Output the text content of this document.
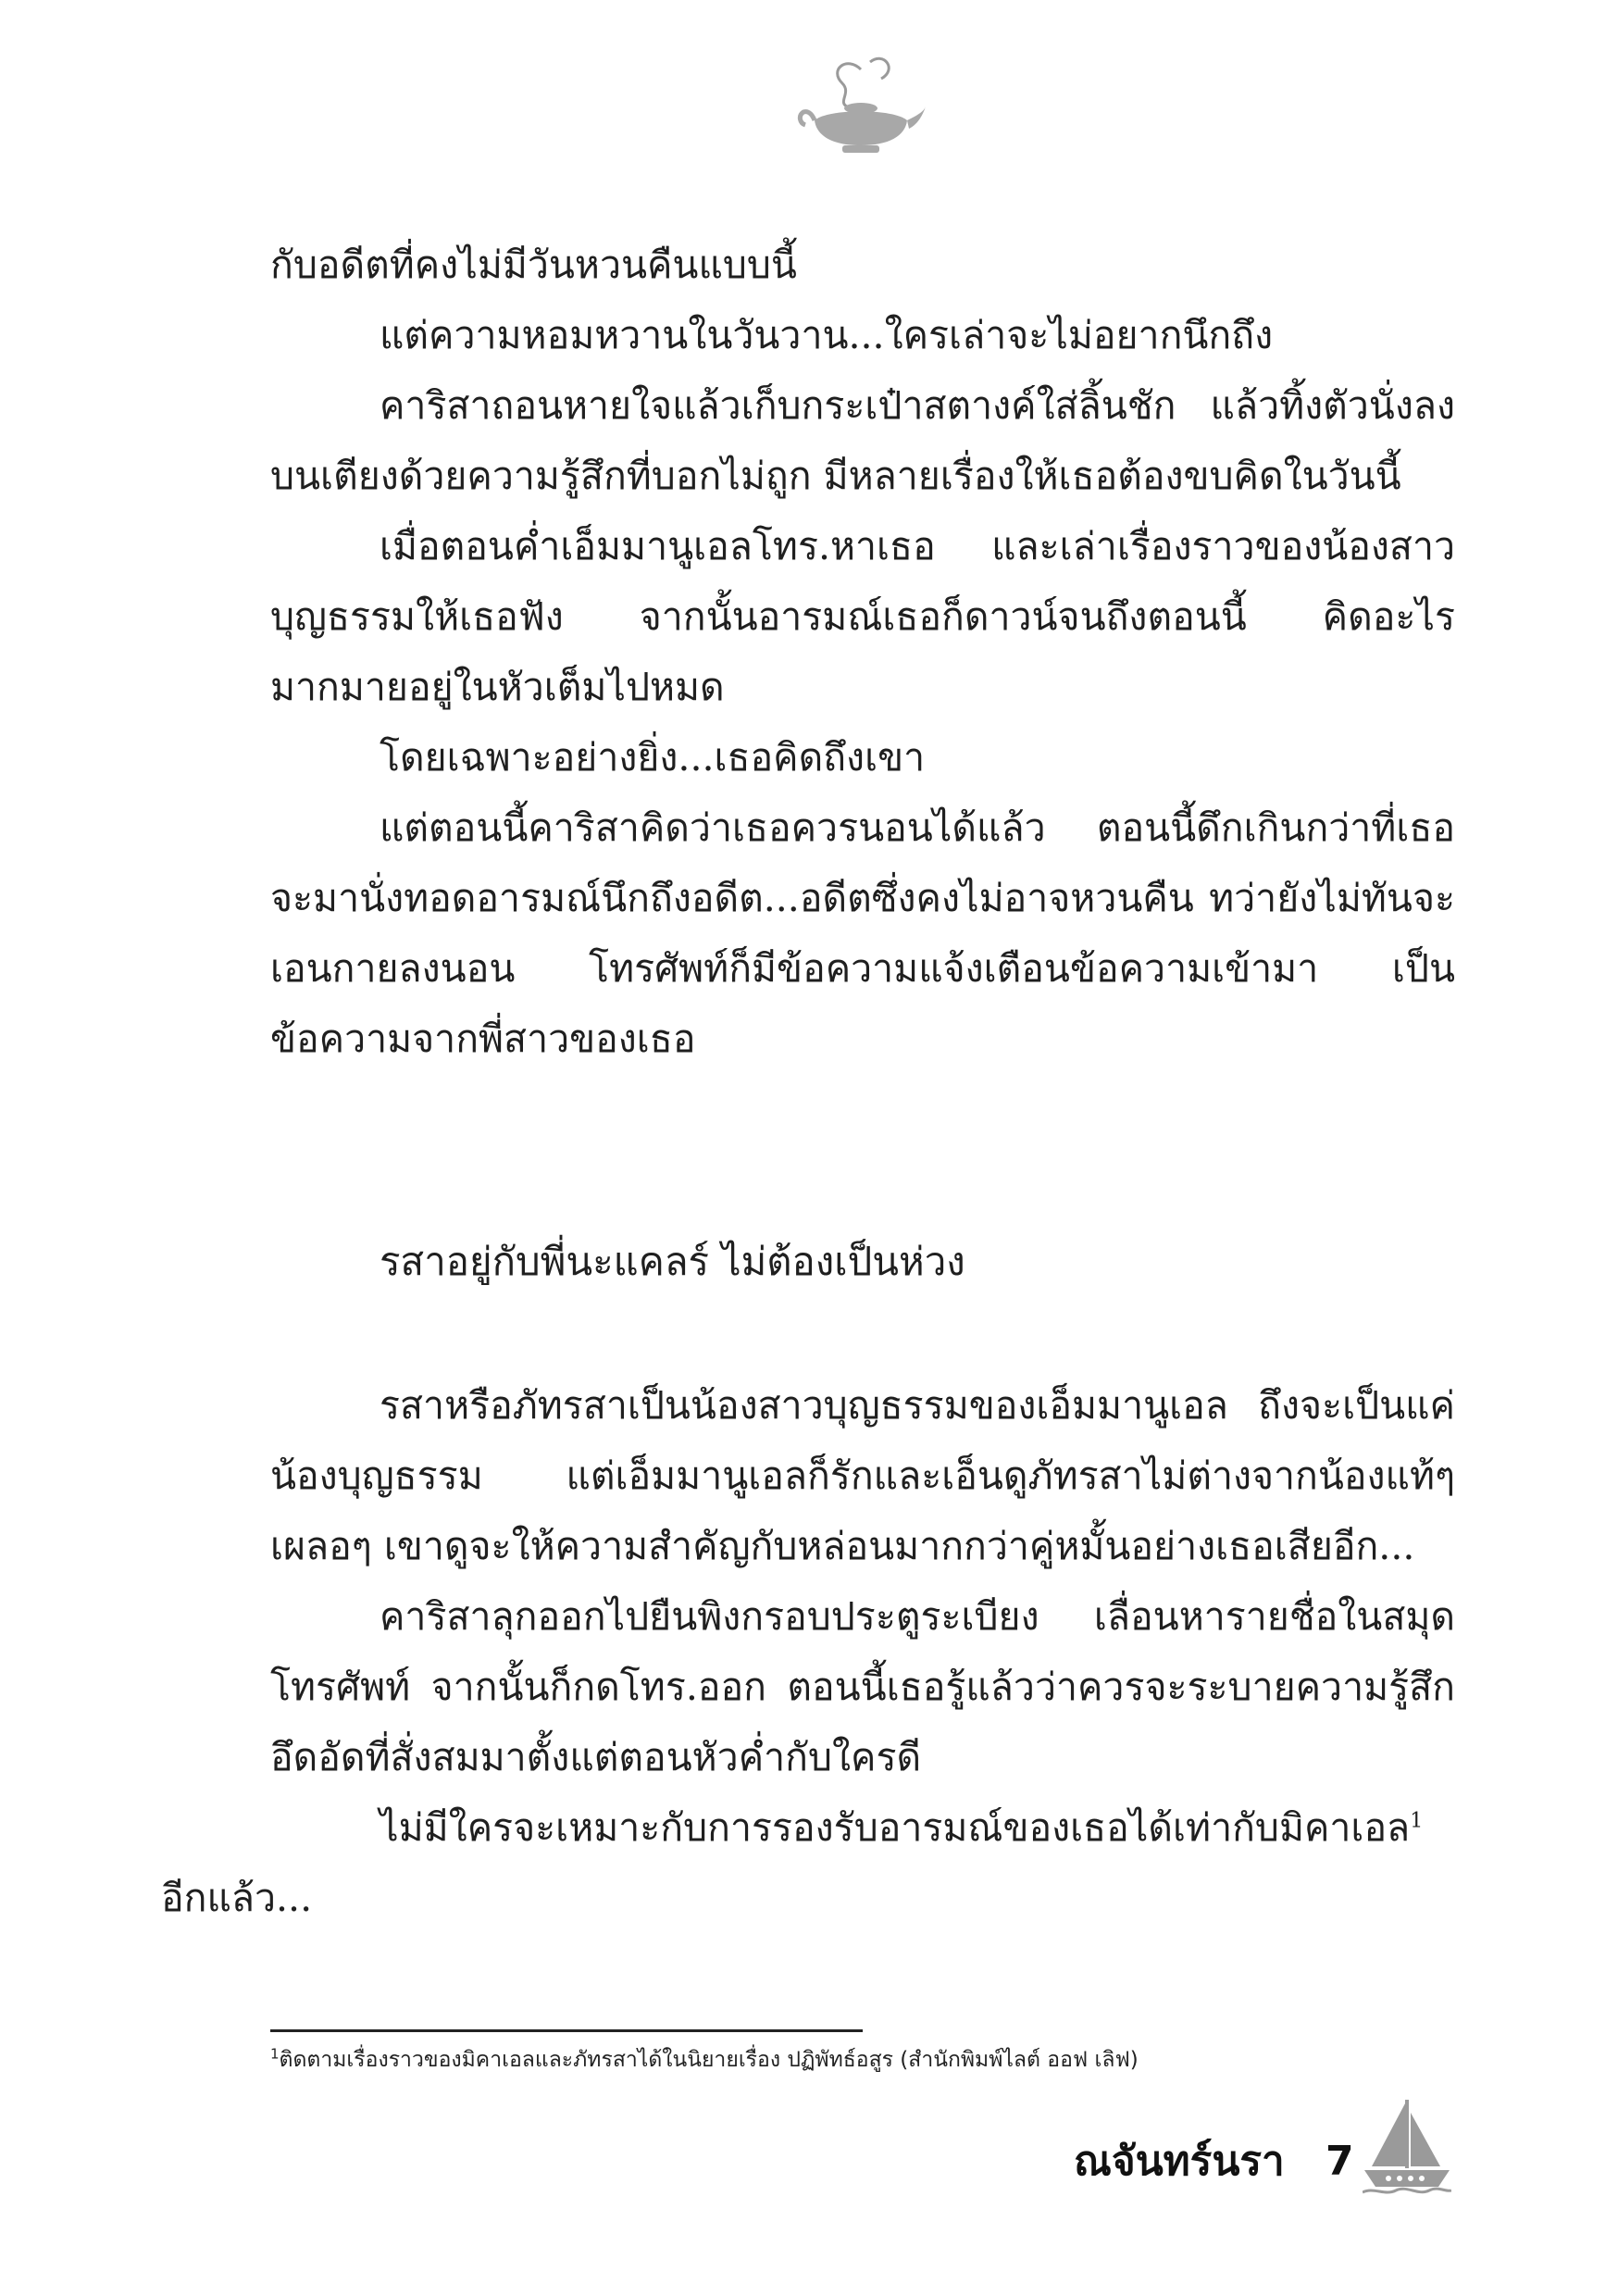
กับอดีตที่คงไม่มีวันหวนคืนแบบนี้

แต่ความหอมหวานในวันวาน...ใครเล่าจะไม่อยากนึกถึง

คาริสาถอนหายใจแล้วเก็บกระเป๋าสตางค์ใส่ลิ้นชัก แล้วทิ้งตัวนั่งลงบนเตียงด้วยความรู้สึกที่บอกไม่ถูก มีหลายเรื่องให้เธอต้องขบคิดในวันนี้

เมื่อตอนค่ำเอ็มมานูเอลโทร.หาเธอ และเล่าเรื่องราวของน้องสาวบุญธรรมให้เธอฟัง จากนั้นอารมณ์เธอก็ดาวน์จนถึงตอนนี้ คิดอะไรมากมายอยู่ในหัวเต็มไปหมด

โดยเฉพาะอย่างยิ่ง...เธอคิดถึงเขา

แต่ตอนนี้คาริสาคิดว่าเธอควรนอนได้แล้ว ตอนนี้ดึกเกินกว่าที่เธอจะมานั่งทอดอารมณ์นึกถึงอดีต...อดีตซึ่งคงไม่อาจหวนคืน ทว่ายังไม่ทันจะเอนกายลงนอน โทรศัพท์ก็มีข้อความแจ้งเตือนข้อความเข้ามา เป็นข้อความจากพี่สาวของเธอ

รสาอยู่กับพี่นะแคลร์ ไม่ต้องเป็นห่วง

รสาหรือภัทรสาเป็นน้องสาวบุญธรรมของเอ็มมานูเอล ถึงจะเป็นแค่น้องบุญธรรม แต่เอ็มมานูเอลก็รักและเอ็นดูภัทรสาไม่ต่างจากน้องแท้ๆ เผลอๆ เขาดูจะให้ความสำคัญกับหล่อนมากกว่าคู่หมั้นอย่างเธอเสียอีก...

คาริสาลุกออกไปยืนพิงกรอบประตูระเบียง เลื่อนหารายชื่อในสมุดโทรศัพท์ จากนั้นก็กดโทร.ออก ตอนนี้เธอรู้แล้วว่าควรจะระบายความรู้สึกอึดอัดที่สั่งสมมาตั้งแต่ตอนหัวค่ำกับใครดี

ไม่มีใครจะเหมาะกับการรองรับอารมณ์ของเธอได้เท่ากับมิคาเอล$^1$
อีกแล้ว...

$^1$ติดตามเรื่องราวของมิคาเอลและภัทรสาได้ในนิยายเรื่อง ปฏิพัทธ์อสูร (สำนักพิมพ์ไลต์ ออฟ เลิฟ)
ณจันทร์นรา 7
